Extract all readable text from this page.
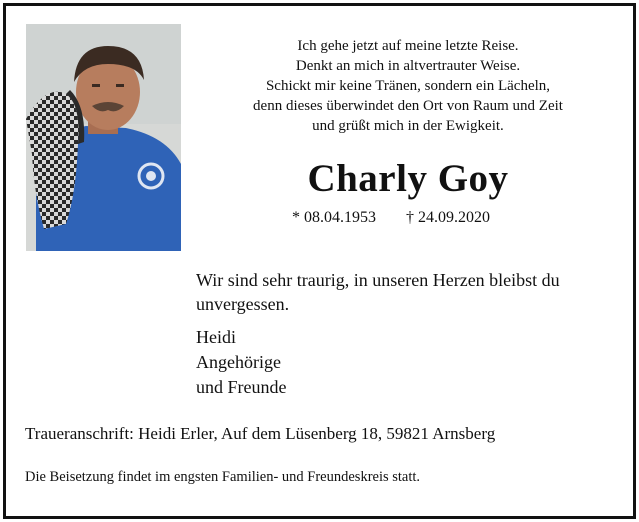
Ich gehe jetzt auf meine letzte Reise.
Denkt an mich in altvertrauter Weise.
Schickt mir keine Tränen, sondern ein Lächeln,
denn dieses überwindet den Ort von Raum und Zeit
und grüßt mich in der Ewigkeit.
Charly Goy
* 08.04.1953 † 24.09.2020
Wir sind sehr traurig, in unseren Herzen bleibst du unvergessen.
Heidi
Angehörige
und Freunde
Traueranschrift: Heidi Erler, Auf dem Lüsenberg 18, 59821 Arnsberg
Die Beisetzung findet im engsten Familien- und Freundeskreis statt.
